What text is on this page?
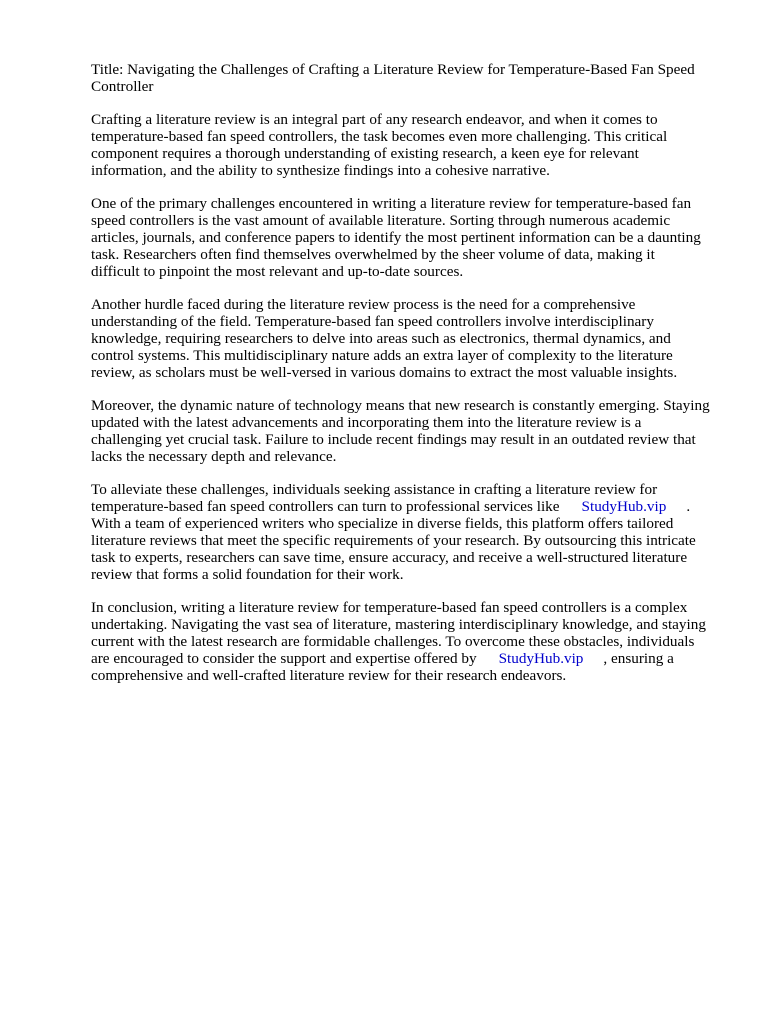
Title: Navigating the Challenges of Crafting a Literature Review for Temperature-Based Fan Speed
Controller

Crafting a literature review is an integral part of any research endeavor, and when it comes to
temperature-based fan speed controllers, the task becomes even more challenging. This critical
component requires a thorough understanding of existing research, a keen eye for relevant
information, and the ability to synthesize findings into a cohesive narrative.

One of the primary challenges encountered in writing a literature review for temperature-based fan
speed controllers is the vast amount of available literature. Sorting through numerous academic
articles, journals, and conference papers to identify the most pertinent information can be a daunting
task. Researchers often find themselves overwhelmed by the sheer volume of data, making it
difficult to pinpoint the most relevant and up-to-date sources.

Another hurdle faced during the literature review process is the need for a comprehensive
understanding of the field. Temperature-based fan speed controllers involve interdisciplinary
knowledge, requiring researchers to delve into areas such as electronics, thermal dynamics, and
control systems. This multidisciplinary nature adds an extra layer of complexity to the literature
review, as scholars must be well-versed in various domains to extract the most valuable insights.

Moreover, the dynamic nature of technology means that new research is constantly emerging. Staying
updated with the latest advancements and incorporating them into the literature review is a
challenging yet crucial task. Failure to include recent findings may result in an outdated review that
lacks the necessary depth and relevance.

To alleviate these challenges, individuals seeking assistance in crafting a literature review for
temperature-based fan speed controllers can turn to professional services like StudyHub.vip .
With a team of experienced writers who specialize in diverse fields, this platform offers tailored
literature reviews that meet the specific requirements of your research. By outsourcing this intricate
task to experts, researchers can save time, ensure accuracy, and receive a well-structured literature
review that forms a solid foundation for their work.

In conclusion, writing a literature review for temperature-based fan speed controllers is a complex
undertaking. Navigating the vast sea of literature, mastering interdisciplinary knowledge, and staying
current with the latest research are formidable challenges. To overcome these obstacles, individuals
are encouraged to consider the support and expertise offered by StudyHub.vip , ensuring a
comprehensive and well-crafted literature review for their research endeavors.
